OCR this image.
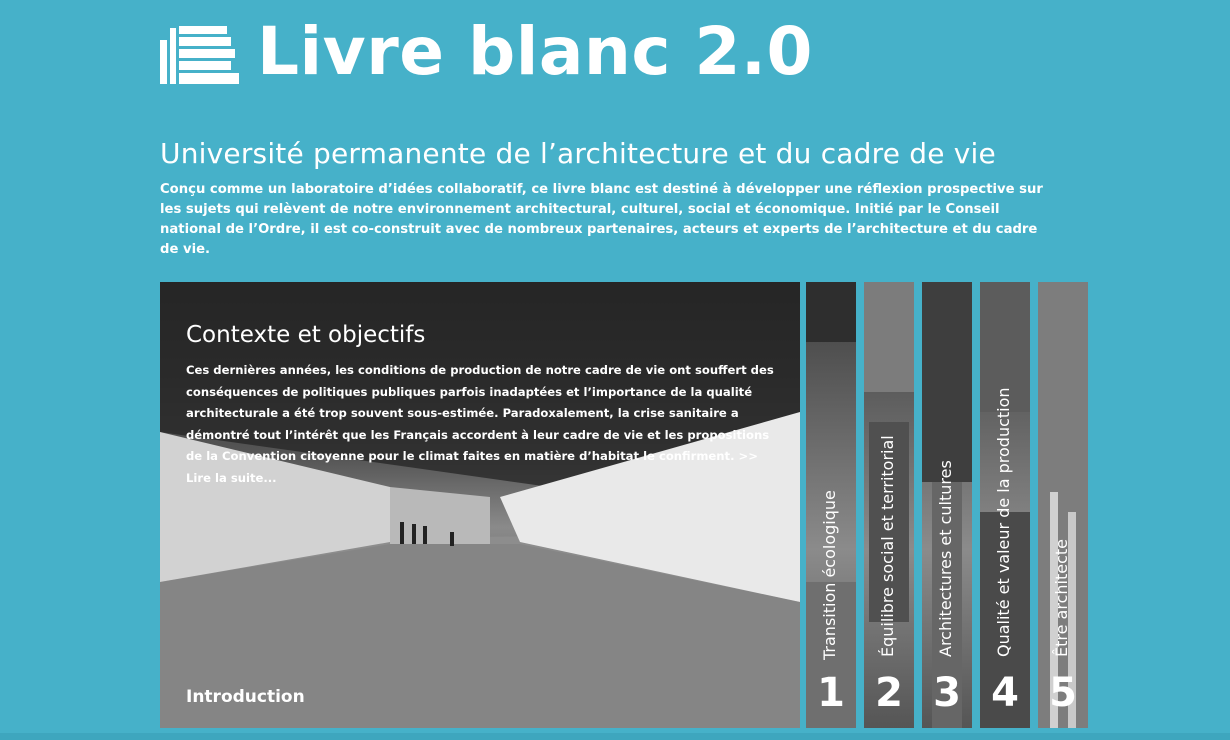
Livre blanc 2.0
Université permanente de l’architecture et du cadre de vie
Conçu comme un laboratoire d’idées collaboratif, ce livre blanc est destiné à développer une réflexion prospective sur les sujets qui relèvent de notre environnement architectural, culturel, social et économique. Initié par le Conseil national de l’Ordre, il est co-construit avec de nombreux partenaires, acteurs et experts de l’architecture et du cadre de vie.
Contexte et objectifs
Ces dernières années, les conditions de production de notre cadre de vie ont souffert des conséquences de politiques publiques parfois inadaptées et l’importance de la qualité architecturale a été trop souvent sous-estimée. Paradoxalement, la crise sanitaire a démontré tout l’intérêt que les Français accordent à leur cadre de vie et les propositions de la Convention citoyenne pour le climat faites en matière d’habitat le confirment. >> Lire la suite...
Introduction
Transition écologique
1
Équilibre social et territorial
2
Architectures et cultures
3
Qualité et valeur de la production
4
Être architecte
5
